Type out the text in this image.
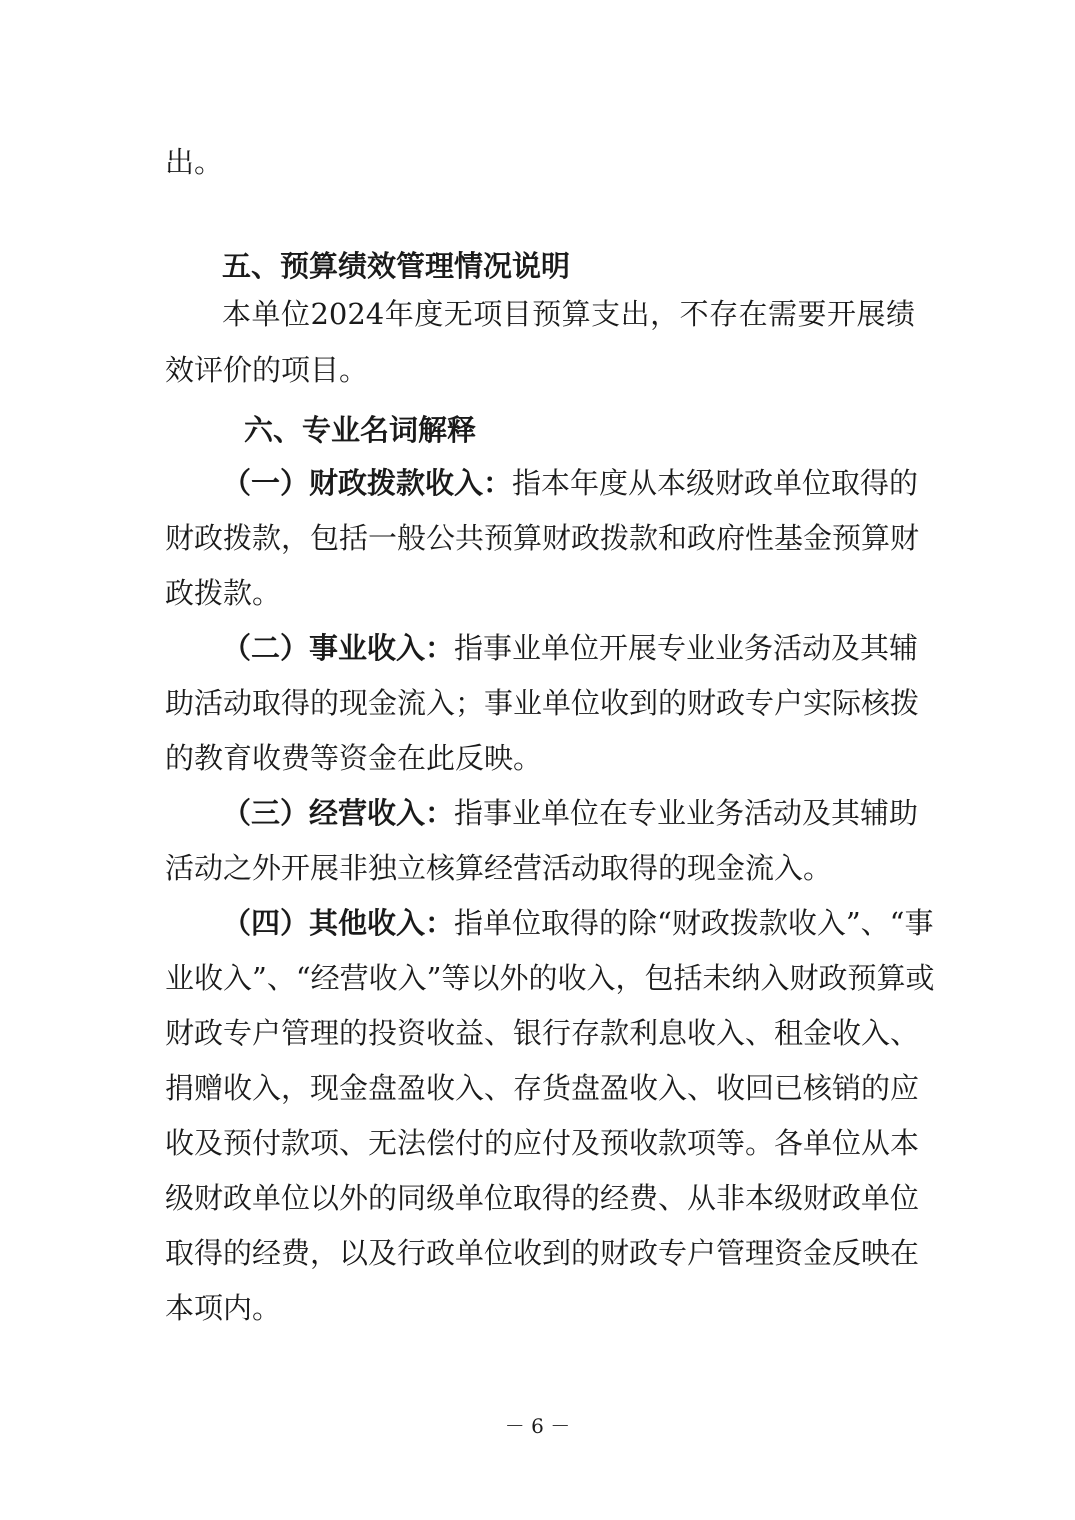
出。
五、预算绩效管理情况说明
本单位2024年度无项目预算支出，不存在需要开展绩
效评价的项目。
六、专业名词解释
（一）财政拨款收入：指本年度从本级财政单位取得的
财政拨款，包括一般公共预算财政拨款和政府性基金预算财
政拨款。
（二）事业收入：指事业单位开展专业业务活动及其辅
助活动取得的现金流入；事业单位收到的财政专户实际核拨
的教育收费等资金在此反映。
（三）经营收入：指事业单位在专业业务活动及其辅助
活动之外开展非独立核算经营活动取得的现金流入。
（四）其他收入：指单位取得的除“财政拨款收入”、“事
业收入”、“经营收入”等以外的收入，包括未纳入财政预算或
财政专户管理的投资收益、银行存款利息收入、租金收入、
捐赠收入，现金盘盈收入、存货盘盈收入、收回已核销的应
收及预付款项、无法偿付的应付及预收款项等。各单位从本
级财政单位以外的同级单位取得的经费、从非本级财政单位
取得的经费，以及行政单位收到的财政专户管理资金反映在
本项内。
－ 6 －
